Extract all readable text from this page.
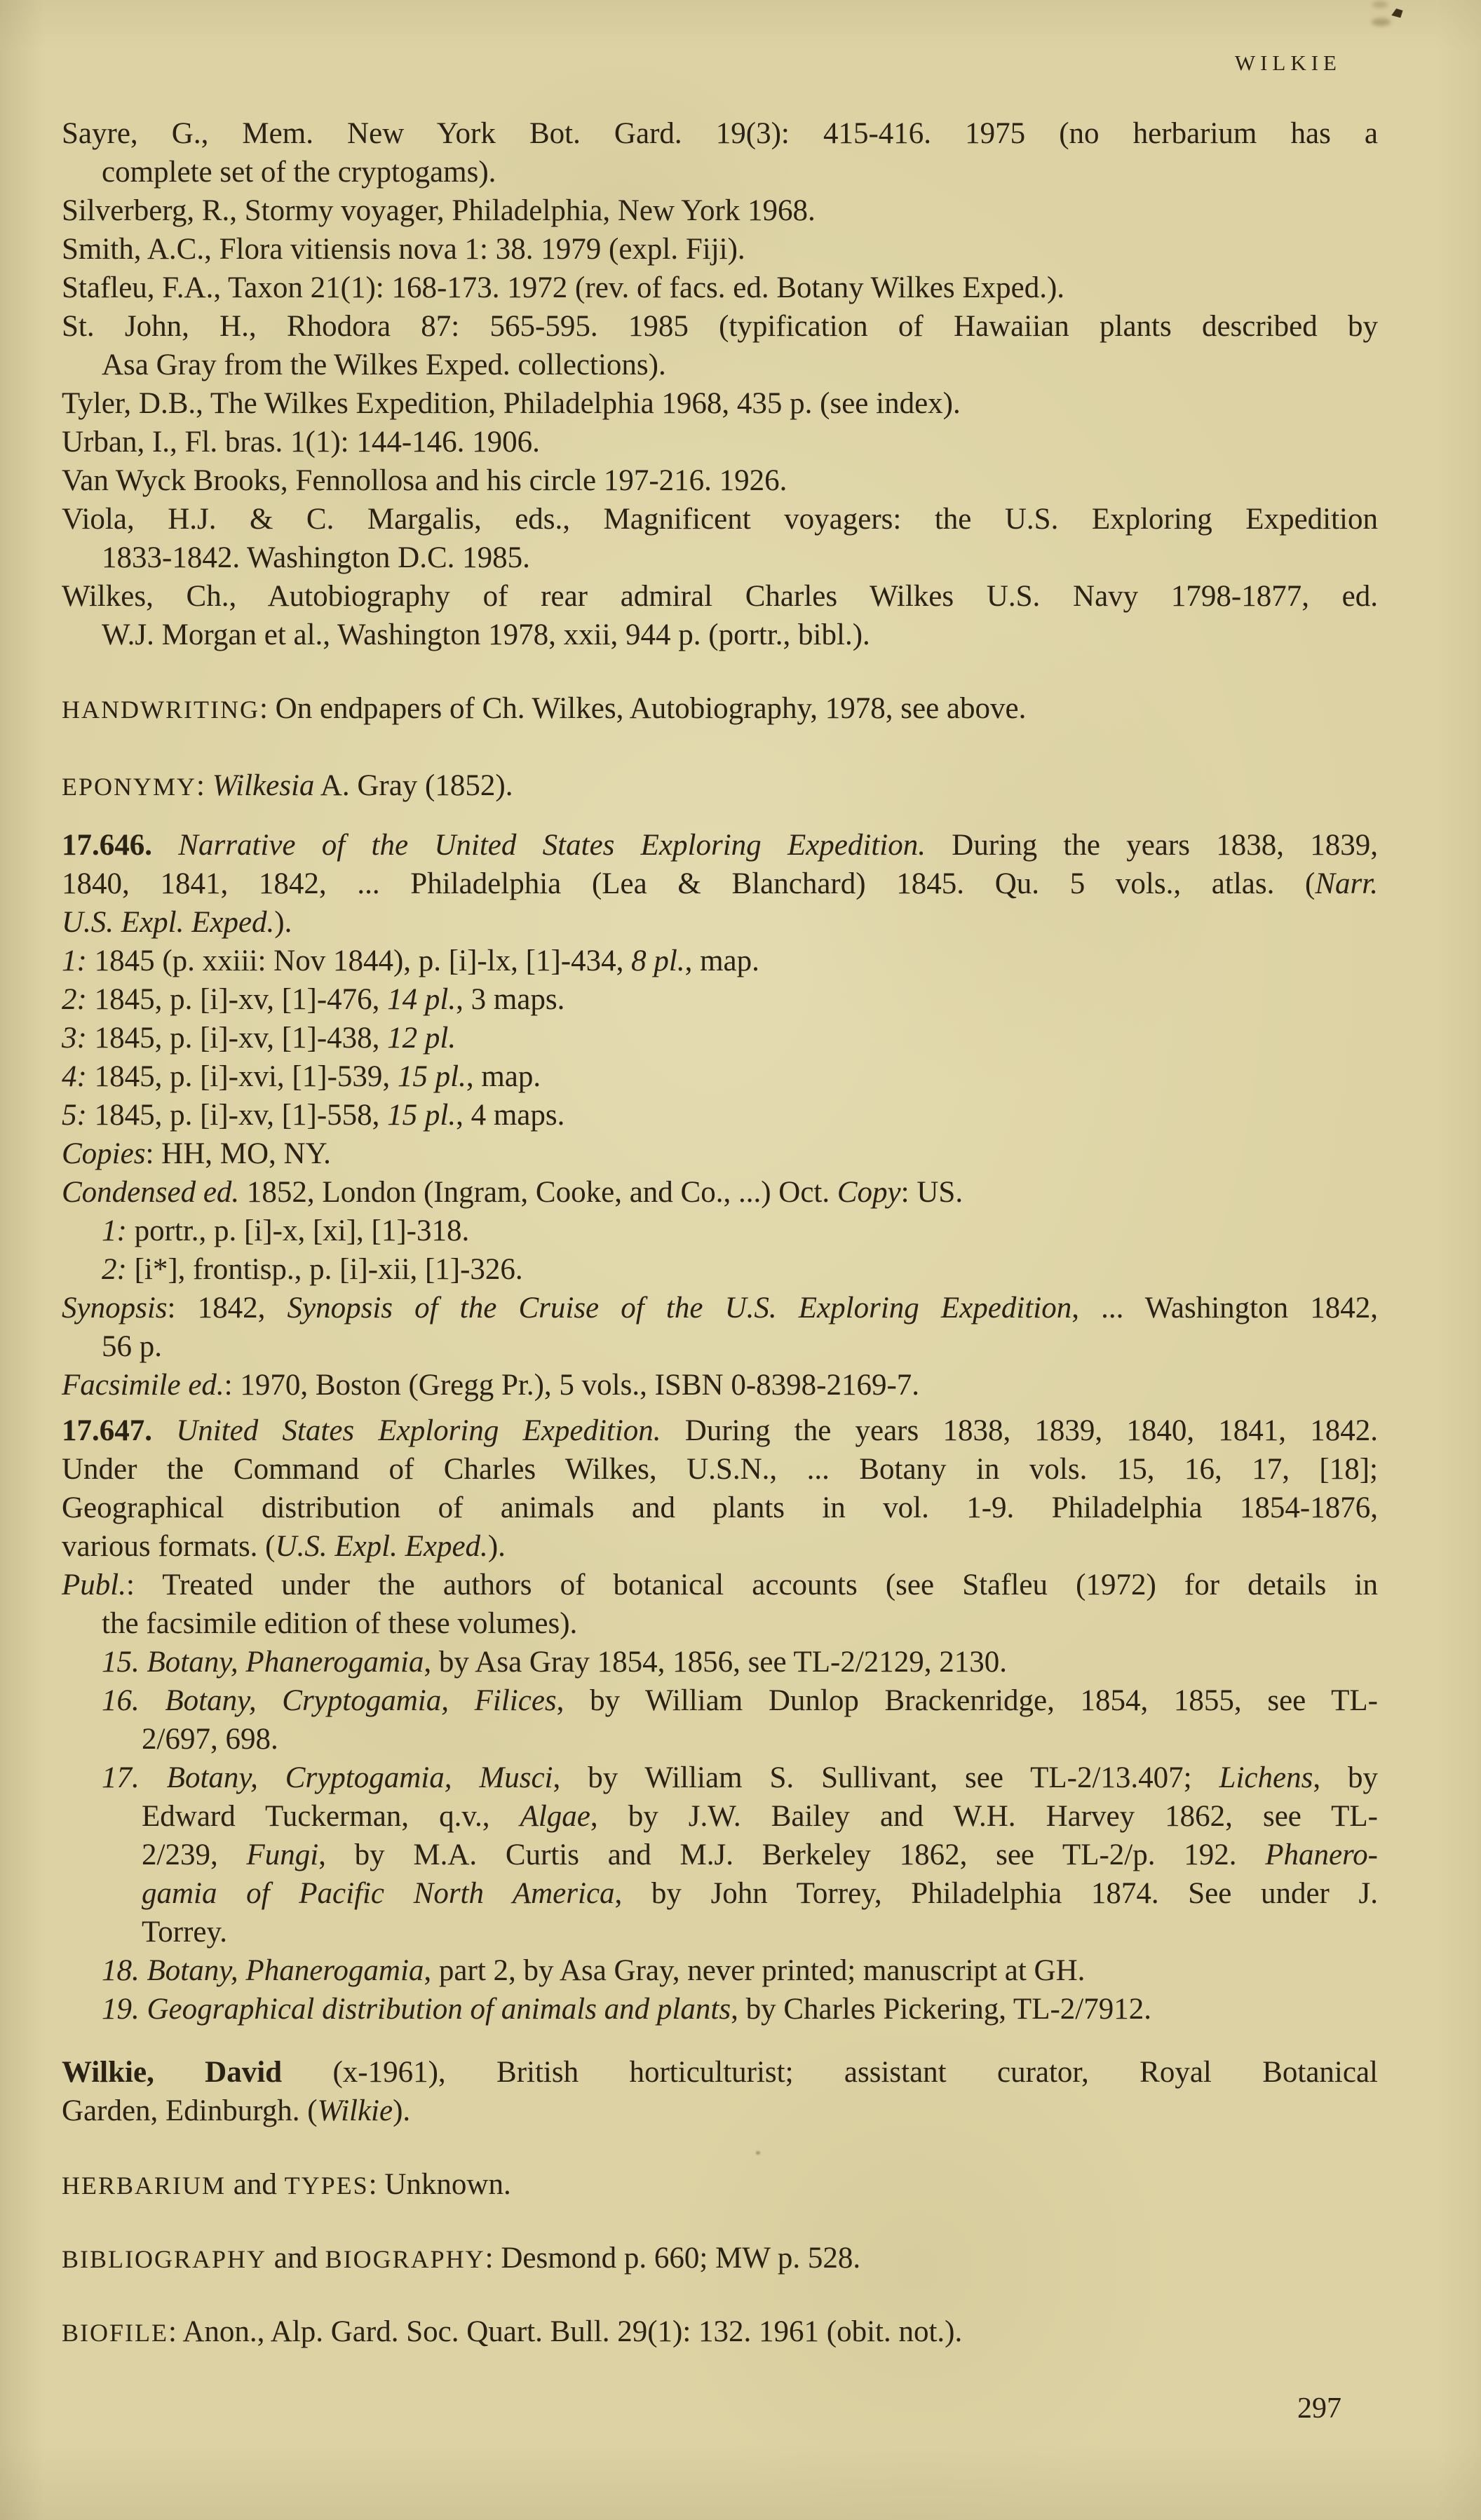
WILKIE
Sayre, G., Mem. New York Bot. Gard. 19(3): 415-416. 1975 (no herbarium has a
complete set of the cryptogams).
Silverberg, R., Stormy voyager, Philadelphia, New York 1968.
Smith, A.C., Flora vitiensis nova 1: 38. 1979 (expl. Fiji).
Stafleu, F.A., Taxon 21(1): 168-173. 1972 (rev. of facs. ed. Botany Wilkes Exped.).
St. John, H., Rhodora 87: 565-595. 1985 (typification of Hawaiian plants described by
Asa Gray from the Wilkes Exped. collections).
Tyler, D.B., The Wilkes Expedition, Philadelphia 1968, 435 p. (see index).
Urban, I., Fl. bras. 1(1): 144-146. 1906.
Van Wyck Brooks, Fennollosa and his circle 197-216. 1926.
Viola, H.J. & C. Margalis, eds., Magnificent voyagers: the U.S. Exploring Expedition
1833-1842. Washington D.C. 1985.
Wilkes, Ch., Autobiography of rear admiral Charles Wilkes U.S. Navy 1798-1877, ed.
W.J. Morgan et al., Washington 1978, xxii, 944 p. (portr., bibl.).
HANDWRITING: On endpapers of Ch. Wilkes, Autobiography, 1978, see above.
EPONYMY: Wilkesia A. Gray (1852).
17.646. Narrative of the United States Exploring Expedition. During the years 1838, 1839,
1840, 1841, 1842, ... Philadelphia (Lea & Blanchard) 1845. Qu. 5 vols., atlas. (Narr.
U.S. Expl. Exped.).
1: 1845 (p. xxiii: Nov 1844), p. [i]-lx, [1]-434, 8 pl., map.
2: 1845, p. [i]-xv, [1]-476, 14 pl., 3 maps.
3: 1845, p. [i]-xv, [1]-438, 12 pl.
4: 1845, p. [i]-xvi, [1]-539, 15 pl., map.
5: 1845, p. [i]-xv, [1]-558, 15 pl., 4 maps.
Copies: HH, MO, NY.
Condensed ed. 1852, London (Ingram, Cooke, and Co., ...) Oct. Copy: US.
1: portr., p. [i]-x, [xi], [1]-318.
2: [i*], frontisp., p. [i]-xii, [1]-326.
Synopsis: 1842, Synopsis of the Cruise of the U.S. Exploring Expedition, ... Washington 1842,
56 p.
Facsimile ed.: 1970, Boston (Gregg Pr.), 5 vols., ISBN 0-8398-2169-7.
17.647. United States Exploring Expedition. During the years 1838, 1839, 1840, 1841, 1842.
Under the Command of Charles Wilkes, U.S.N., ... Botany in vols. 15, 16, 17, [18];
Geographical distribution of animals and plants in vol. 1-9. Philadelphia 1854-1876,
various formats. (U.S. Expl. Exped.).
Publ.: Treated under the authors of botanical accounts (see Stafleu (1972) for details in
the facsimile edition of these volumes).
15. Botany, Phanerogamia, by Asa Gray 1854, 1856, see TL-2/2129, 2130.
16. Botany, Cryptogamia, Filices, by William Dunlop Brackenridge, 1854, 1855, see TL-
2/697, 698.
17. Botany, Cryptogamia, Musci, by William S. Sullivant, see TL-2/13.407; Lichens, by
Edward Tuckerman, q.v., Algae, by J.W. Bailey and W.H. Harvey 1862, see TL-
2/239, Fungi, by M.A. Curtis and M.J. Berkeley 1862, see TL-2/p. 192. Phanero-
gamia of Pacific North America, by John Torrey, Philadelphia 1874. See under J.
Torrey.
18. Botany, Phanerogamia, part 2, by Asa Gray, never printed; manuscript at GH.
19. Geographical distribution of animals and plants, by Charles Pickering, TL-2/7912.
Wilkie, David (x-1961), British horticulturist; assistant curator, Royal Botanical
Garden, Edinburgh. (Wilkie).
HERBARIUM and TYPES: Unknown.
BIBLIOGRAPHY and BIOGRAPHY: Desmond p. 660; MW p. 528.
BIOFILE: Anon., Alp. Gard. Soc. Quart. Bull. 29(1): 132. 1961 (obit. not.).
297
